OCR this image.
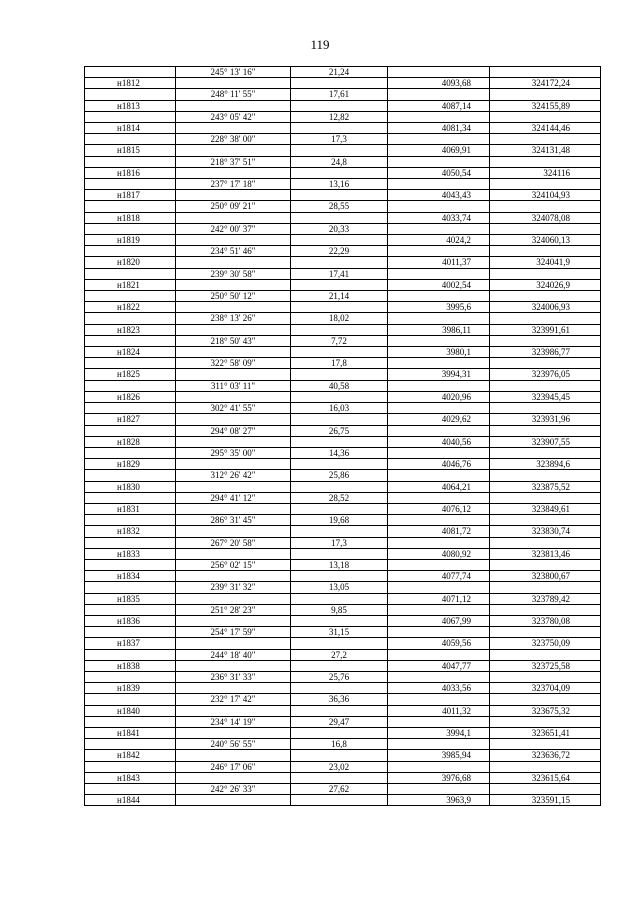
119
	245° 13' 16"	21,24		
н1812			4093,68	324172,24
	248° 11' 55"	17,61		
н1813			4087,14	324155,89
	243° 05' 42"	12,82		
н1814			4081,34	324144,46
	228° 38' 00"	17,3		
н1815			4069,91	324131,48
	218° 37' 51"	24,8		
н1816			4050,54	324116
	237° 17' 18"	13,16		
н1817			4043,43	324104,93
	250° 09' 21"	28,55		
н1818			4033,74	324078,08
	242° 00' 37"	20,33		
н1819			4024,2	324060,13
	234° 51' 46"	22,29		
н1820			4011,37	324041,9
	239° 30' 58"	17,41		
н1821			4002,54	324026,9
	250° 50' 12"	21,14		
н1822			3995,6	324006,93
	238° 13' 26"	18,02		
н1823			3986,11	323991,61
	218° 50' 43"	7,72		
н1824			3980,1	323986,77
	322° 58' 09"	17,8		
н1825			3994,31	323976,05
	311° 03' 11"	40,58		
н1826			4020,96	323945,45
	302° 41' 55"	16,03		
н1827			4029,62	323931,96
	294° 08' 27"	26,75		
н1828			4040,56	323907,55
	295° 35' 00"	14,36		
н1829			4046,76	323894,6
	312° 26' 42"	25,86		
н1830			4064,21	323875,52
	294° 41' 12"	28,52		
н1831			4076,12	323849,61
	286° 31' 45"	19,68		
н1832			4081,72	323830,74
	267° 20' 58"	17,3		
н1833			4080,92	323813,46
	256° 02' 15"	13,18		
н1834			4077,74	323800,67
	239° 31' 32"	13,05		
н1835			4071,12	323789,42
	251° 28' 23"	9,85		
н1836			4067,99	323780,08
	254° 17' 59"	31,15		
н1837			4059,56	323750,09
	244° 18' 40"	27,2		
н1838			4047,77	323725,58
	236° 31' 33"	25,76		
н1839			4033,56	323704,09
	232° 17' 42"	36,36		
н1840			4011,32	323675,32
	234° 14' 19"	29,47		
н1841			3994,1	323651,41
	240° 56' 55"	16,8		
н1842			3985,94	323636,72
	246° 17' 06"	23,02		
н1843			3976,68	323615,64
	242° 26' 33"	27,62		
н1844			3963,9	323591,15
